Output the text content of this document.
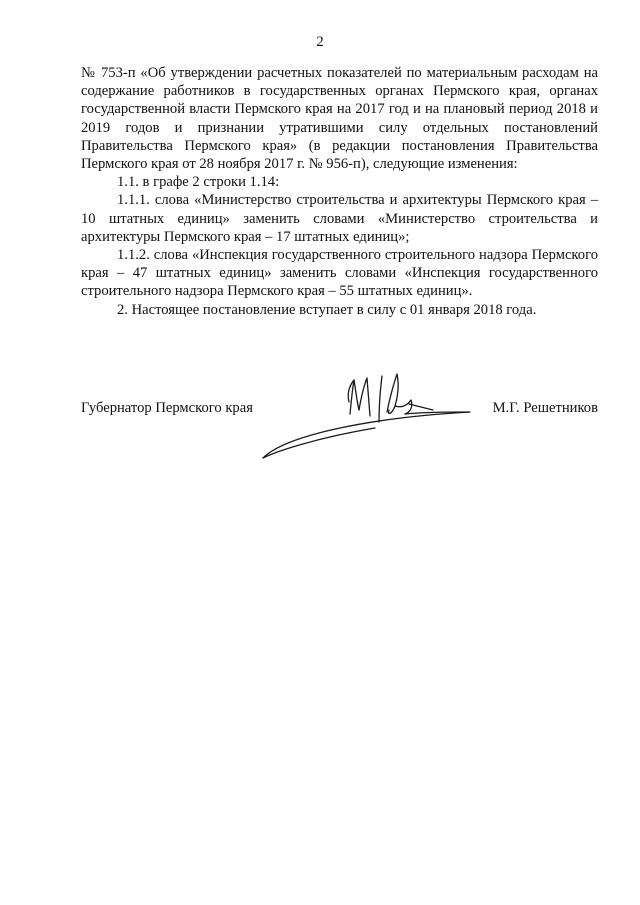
2

№ 753-п «Об утверждении расчетных показателей по материальным расходам на содержание работников в государственных органах Пермского края, органах государственной власти Пермского края на 2017 год и на плановый период 2018 и 2019 годов и признании утратившими силу отдельных постановлений Правительства Пермского края» (в редакции постановления Правительства Пермского края от 28 ноября 2017 г. № 956-п), следующие изменения:

1.1. в графе 2 строки 1.14:

1.1.1. слова «Министерство строительства и архитектуры Пермского края – 10 штатных единиц» заменить словами «Министерство строительства и архитектуры Пермского края – 17 штатных единиц»;

1.1.2. слова «Инспекция государственного строительного надзора Пермского края – 47 штатных единиц» заменить словами «Инспекция государственного строительного надзора Пермского края – 55 штатных единиц».

2. Настоящее постановление вступает в силу с 01 января 2018 года.

Губернатор Пермского края	М.Г. Решетников
